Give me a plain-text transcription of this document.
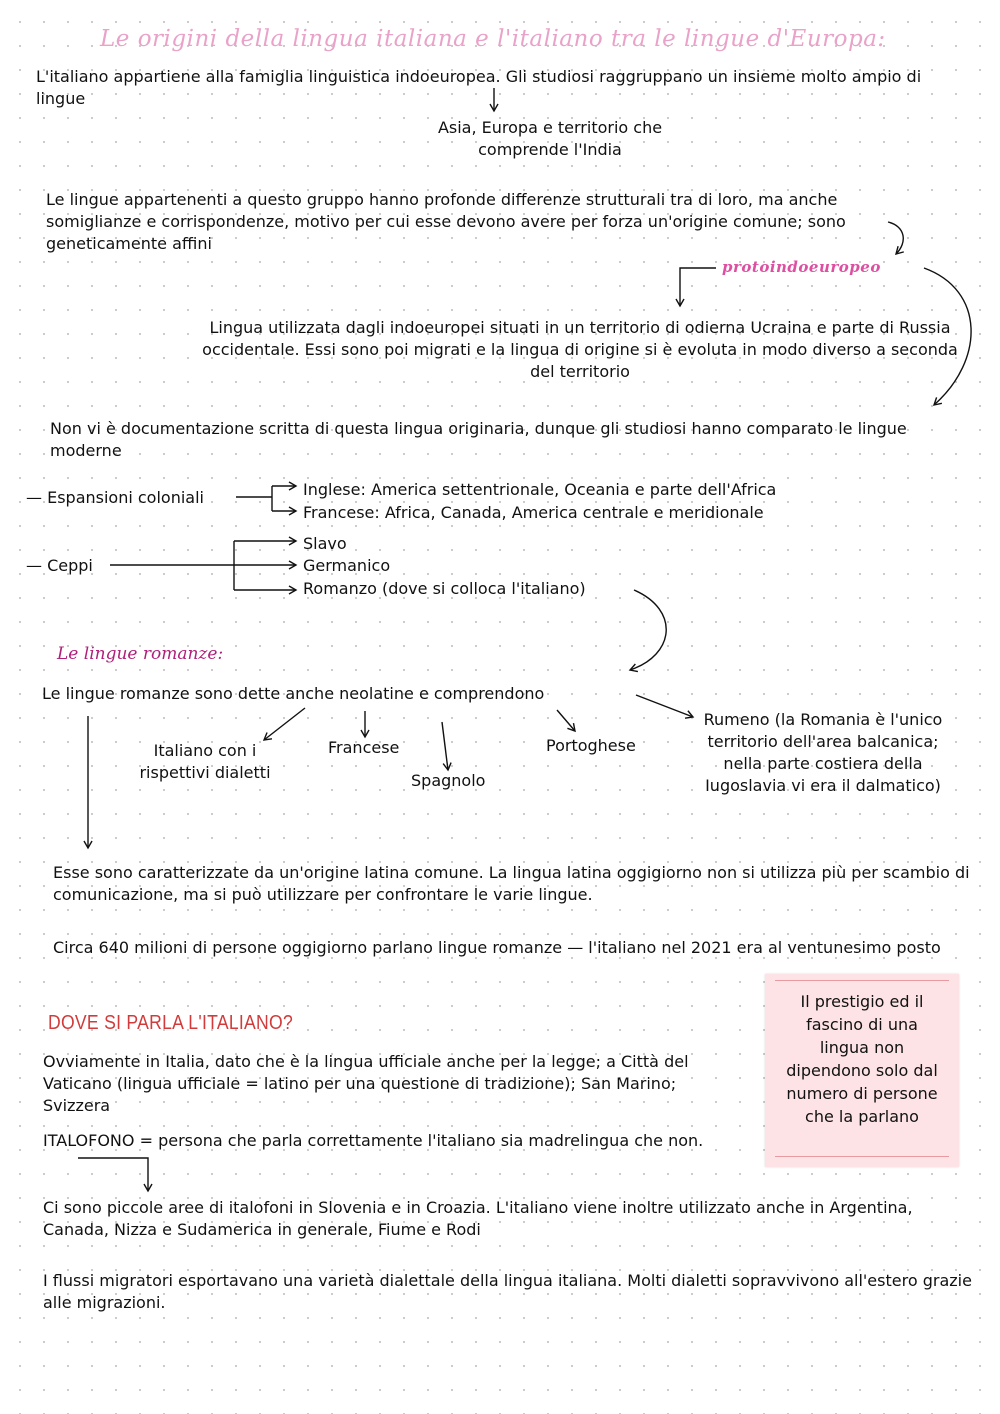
Le origini della lingua italiana e l'italiano tra le lingue d'Europa:

L'italiano appartiene alla famiglia linguistica indoeuropea. Gli studiosi raggruppano un insieme molto ampio di lingue

Asia, Europa e territorio che comprende l'India

Le lingue appartenenti a questo gruppo hanno profonde differenze strutturali tra di loro, ma anche somiglianze e corrispondenze, motivo per cui esse devono avere per forza un'origine comune; sono geneticamente affini

protoindoeuropeo

Lingua utilizzata dagli indoeuropei situati in un territorio di odierna Ucraina e parte di Russia occidentale. Essi sono poi migrati e la lingua di origine si è evoluta in modo diverso a seconda del territorio

Non vi è documentazione scritta di questa lingua originaria, dunque gli studiosi hanno comparato le lingue moderne

— Espansioni coloniali	Inglese: America settentrionale, Oceania e parte dell'Africa
Francese: Africa, Canada, America centrale e meridionale
— Ceppi
Slavo
Germanico
Romanzo (dove si colloca l'italiano)
Le lingue romanze:
Le lingue romanze sono dette anche neolatine e comprendono

Italiano con i rispettivi dialetti

Francese
Spagnolo
Portoghese

Rumeno (la Romania è l'unico territorio dell'area balcanica; nella parte costiera della Iugoslavia vi era il dalmatico)

Esse sono caratterizzate da un'origine latina comune. La lingua latina oggigiorno non si utilizza più per scambio di comunicazione, ma si può utilizzare per confrontare le varie lingue.

Circa 640 milioni di persone oggigiorno parlano lingue romanze — l'italiano nel 2021 era al ventunesimo posto

DOVE SI PARLA L'ITALIANO?

Ovviamente in Italia, dato che è la lingua ufficiale anche per la legge; a Città del Vaticano (lingua ufficiale = latino per una questione di tradizione); San Marino; Svizzera

ITALOFONO = persona che parla correttamente l'italiano sia madrelingua che non.

Ci sono piccole aree di italofoni in Slovenia e in Croazia. L'italiano viene inoltre utilizzato anche in Argentina, Canada, Nizza e Sudamerica in generale, Fiume e Rodi

I flussi migratori esportavano una varietà dialettale della lingua italiana. Molti dialetti sopravvivono all'estero grazie alle migrazioni.

Il prestigio ed il fascino di una lingua non dipendono solo dal numero di persone che la parlano
